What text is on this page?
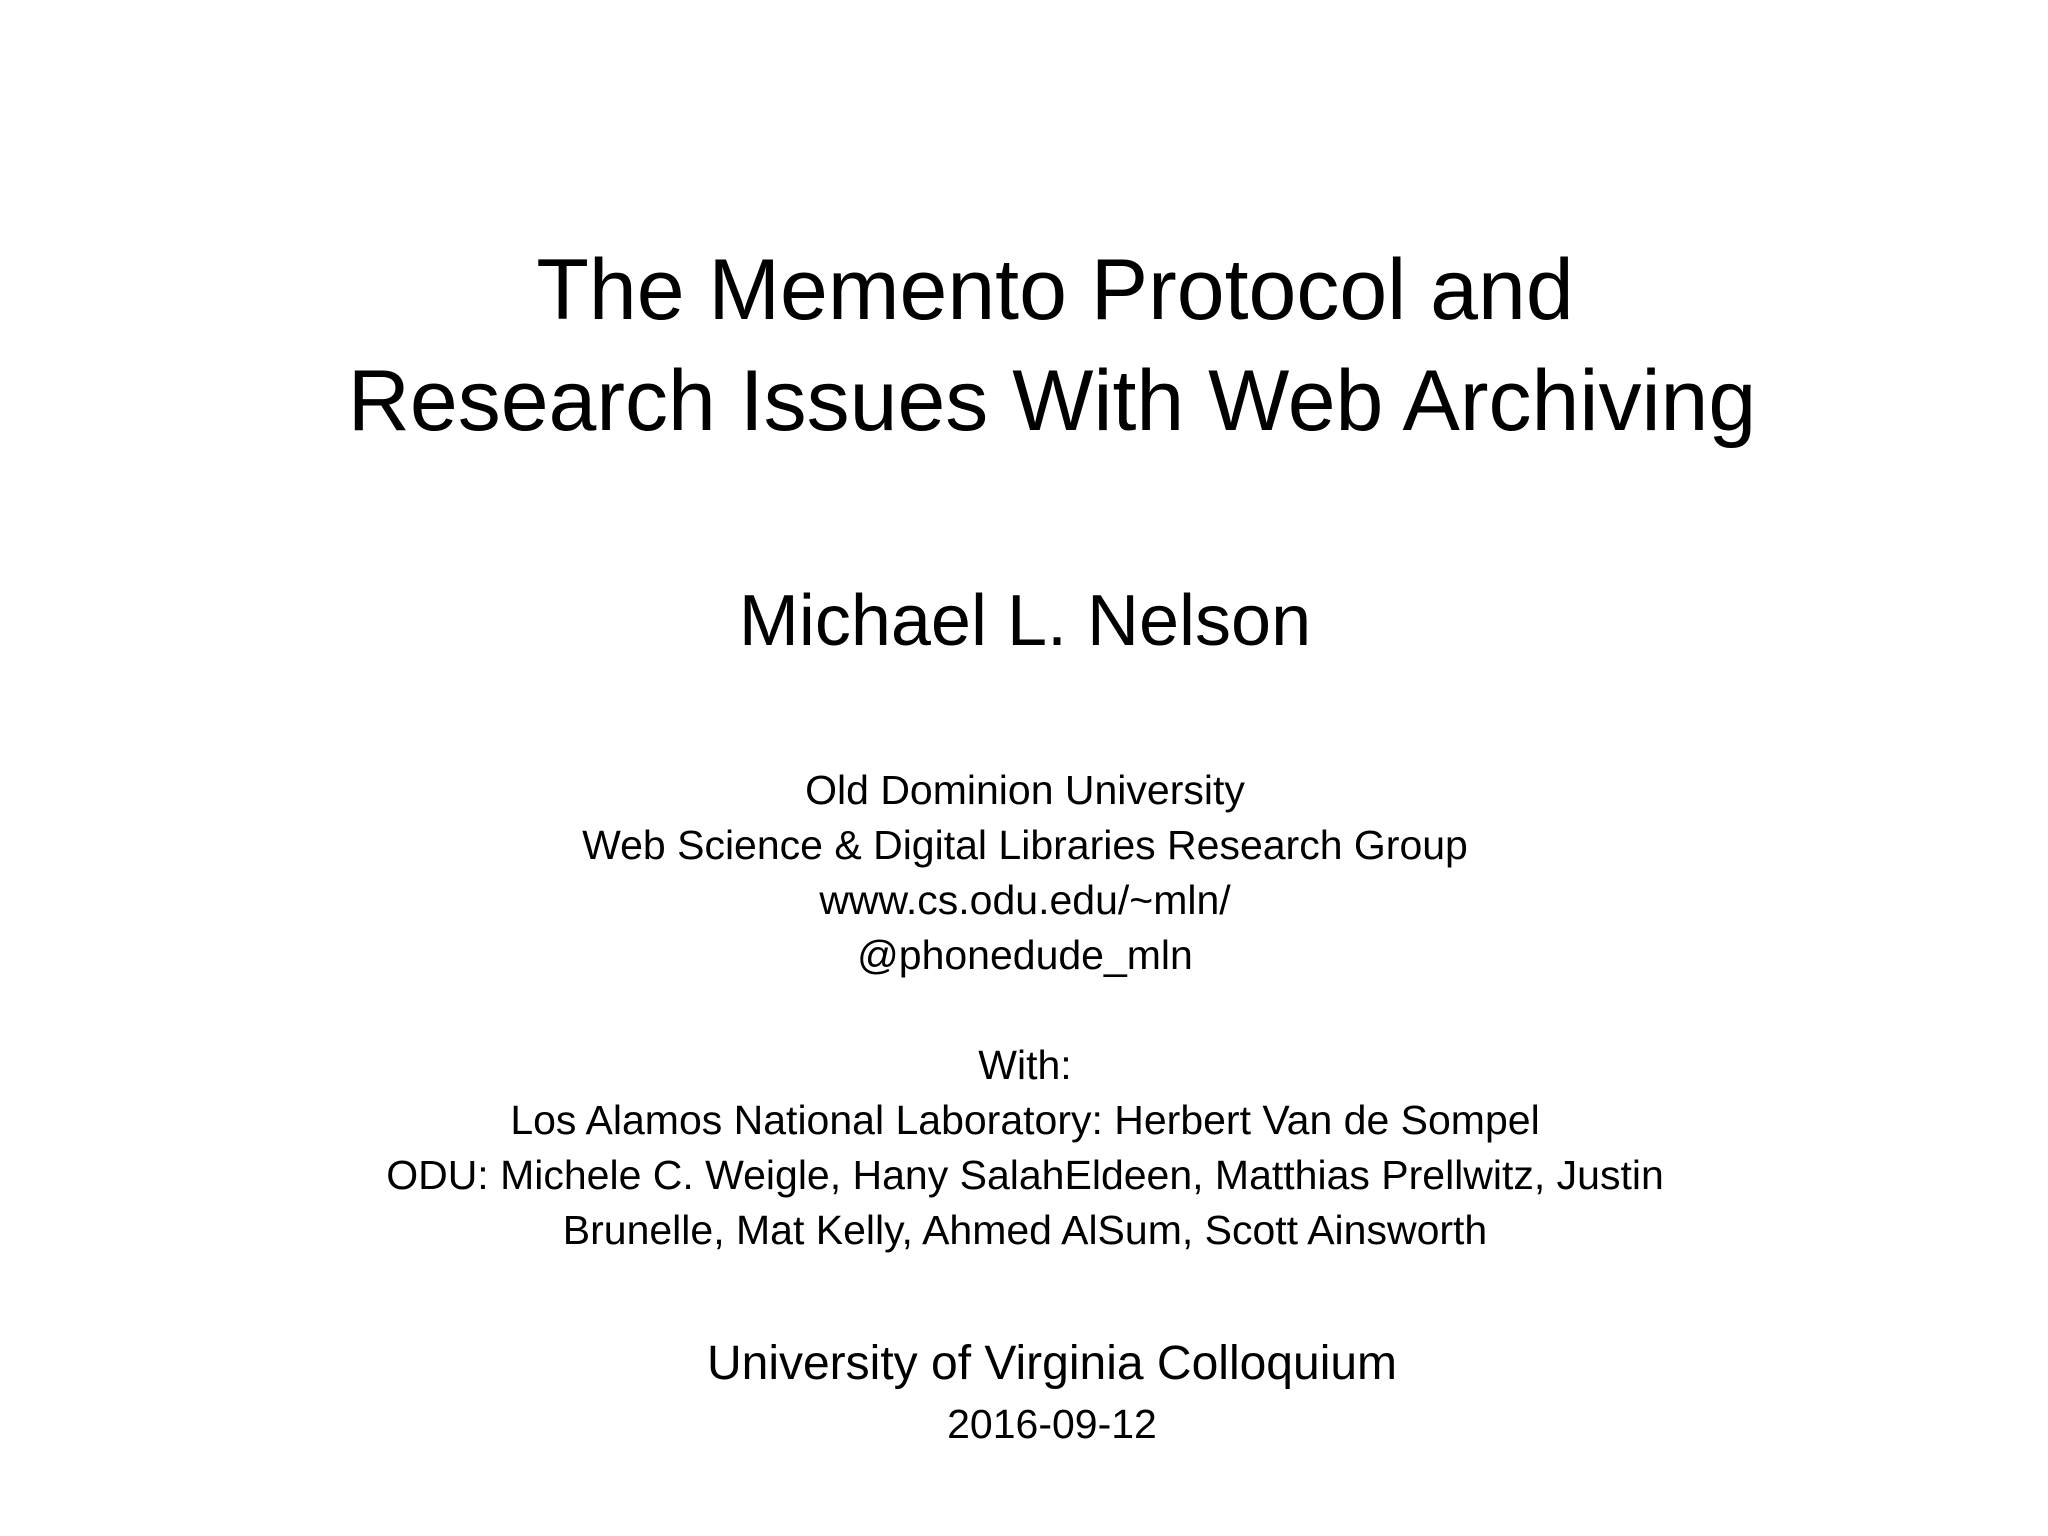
The Memento Protocol and
Research Issues With Web Archiving
Michael L. Nelson
Old Dominion University
Web Science & Digital Libraries Research Group
www.cs.odu.edu/~mln/
@phonedude_mln
With:
Los Alamos National Laboratory: Herbert Van de Sompel
ODU: Michele C. Weigle, Hany SalahEldeen, Matthias Prellwitz, Justin
Brunelle, Mat Kelly, Ahmed AlSum, Scott Ainsworth
University of Virginia Colloquium
2016-09-12
